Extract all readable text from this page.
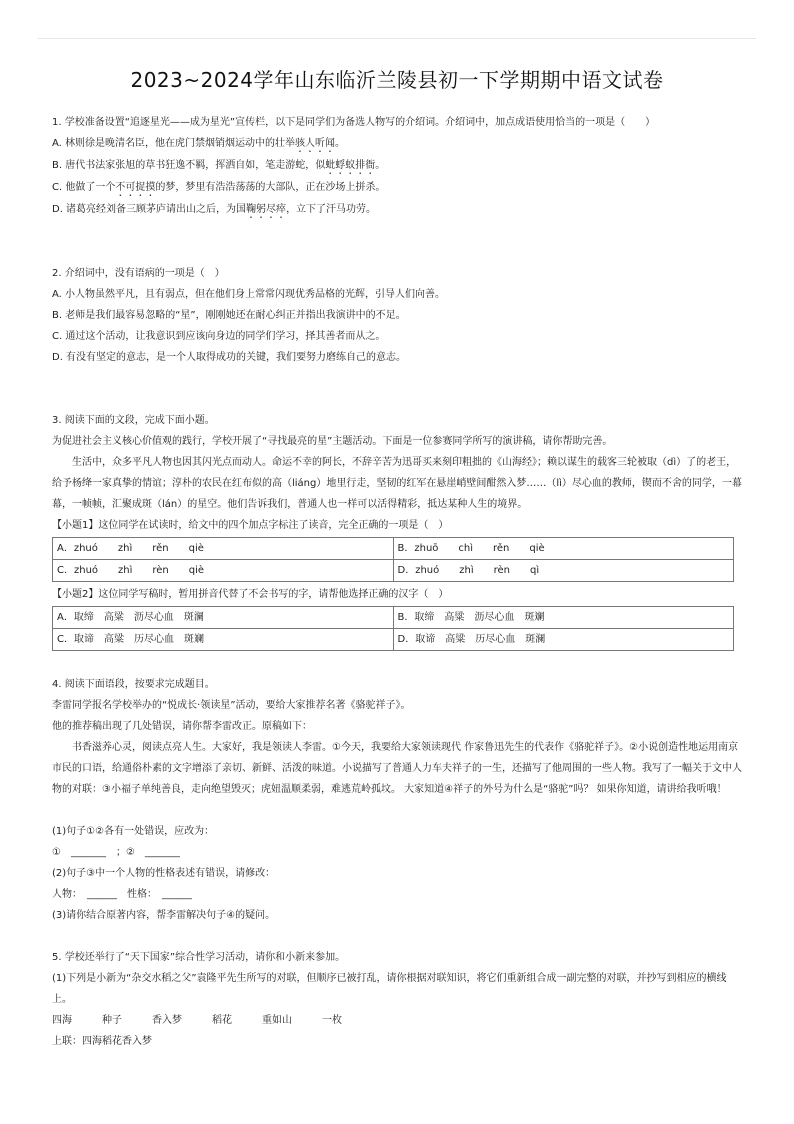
2023~2024学年山东临沂兰陵县初一下学期期中语文试卷

1. 学校准备设置“追逐星光——成为星光”宣传栏，以下是同学们为备选人物写的介绍词。介绍词中，加点成语使用恰当的一项是（　　）

A. 林则徐是晚清名臣，他在虎门禁烟销烟运动中的壮举骇人听闻。

B. 唐代书法家张旭的草书狂逸不羁，挥洒自如，笔走游蛇，似蚍蜉蚁排衙。

C. 他做了一个不可捉摸的梦，梦里有浩浩荡荡的大部队，正在沙场上拼杀。

D. 诸葛亮经刘备三顾茅庐请出山之后，为国鞠躬尽瘁，立下了汗马功劳。

2. 介绍词中，没有语病的一项是（　）

A. 小人物虽然平凡，且有弱点，但在他们身上常常闪现优秀品格的光辉，引导人们向善。

B. 老师是我们最容易忽略的“星”，刚刚她还在耐心纠正并指出我演讲中的不足。

C. 通过这个活动，让我意识到应该向身边的同学们学习，择其善者而从之。

D. 有没有坚定的意志，是一个人取得成功的关键，我们要努力磨练自己的意志。

3. 阅读下面的文段，完成下面小题。

为促进社会主义核心价值观的践行，学校开展了“寻找最亮的星”主题活动。下面是一位参赛同学所写的演讲稿，请你帮助完善。

生活中，众多平凡人物也因其闪光点而动人。命运不幸的阿长，不辞辛苦为迅哥买来刻印粗拙的《山海经》；赖以谋生的载客三轮被取（dì）了的老王，给予杨绛一家真挚的情谊；淳朴的农民在红布似的高（liáng）地里行走，坚韧的红军在悬崖峭壁间酣然入梦……（lì）尽心血的教师，锲而不舍的同学，一幕幕，一帧帧，汇聚成斑（lán）的星空。他们告诉我们，普通人也一样可以活得精彩，抵达某种人生的境界。

【小题1】这位同学在试读时，给文中的四个加点字标注了读音，完全正确的一项是（　）

A．zhuó　　zhì　　rěn　　qiè	B．zhuō　　chì　　rěn　　qiè
C．zhuó　　zhì　　rèn　　qiè	D．zhuó　　zhì　　rèn　　qì

【小题2】这位同学写稿时，暂用拼音代替了不会书写的字，请帮他选择正确的汉字（　）

A．取缔　高粱　沥尽心血　斑澜	B．取缔　高粱　沥尽心血　斑斓
C．取谛　高粱　历尽心血　斑斓	D．取谛　高粱　历尽心血　斑澜

4. 阅读下面语段，按要求完成题目。

李雷同学报名学校举办的“悦成长·领读星”活动，要给大家推荐名著《骆驼祥子》。

他的推荐稿出现了几处错误，请你帮李雷改正。原稿如下：

书香滋养心灵，阅读点亮人生。大家好，我是领读人李雷。①今天，我要给大家领读现代 作家鲁迅先生的代表作《骆驼祥子》。②小说创造性地运用南京市民的口语，给通俗朴素的文字增添了亲切、新鲜、活泼的味道。小说描写了普通人力车夫祥子的一生，还描写了他周围的一些人物。我写了一幅关于文中人物的对联：③小福子单纯善良，走向绝望毁灭；虎妞温顺柔弱，难逃荒岭孤坟。 大家知道④祥子的外号为什么是“骆驼”吗？ 如果你知道，请讲给我听哦！

(1)句子①②各有一处错误，应改为：

①　_______　；②　_______

(2)句子③中一个人物的性格表述有错误，请修改：

人物：　______　性格：　______

(3)请你结合原著内容，帮李雷解决句子④的疑问。

5. 学校还举行了“天下国家”综合性学习活动，请你和小新来参加。

(1)下列是小新为“杂交水稻之父”袁隆平先生所写的对联，但顺序已被打乱，请你根据对联知识，将它们重新组合成一副完整的对联，并抄写到相应的横线上。

四海　　　种子　　　香入梦　　　稻花　　　重如山　　　一枚

上联：四海稻花香入梦
